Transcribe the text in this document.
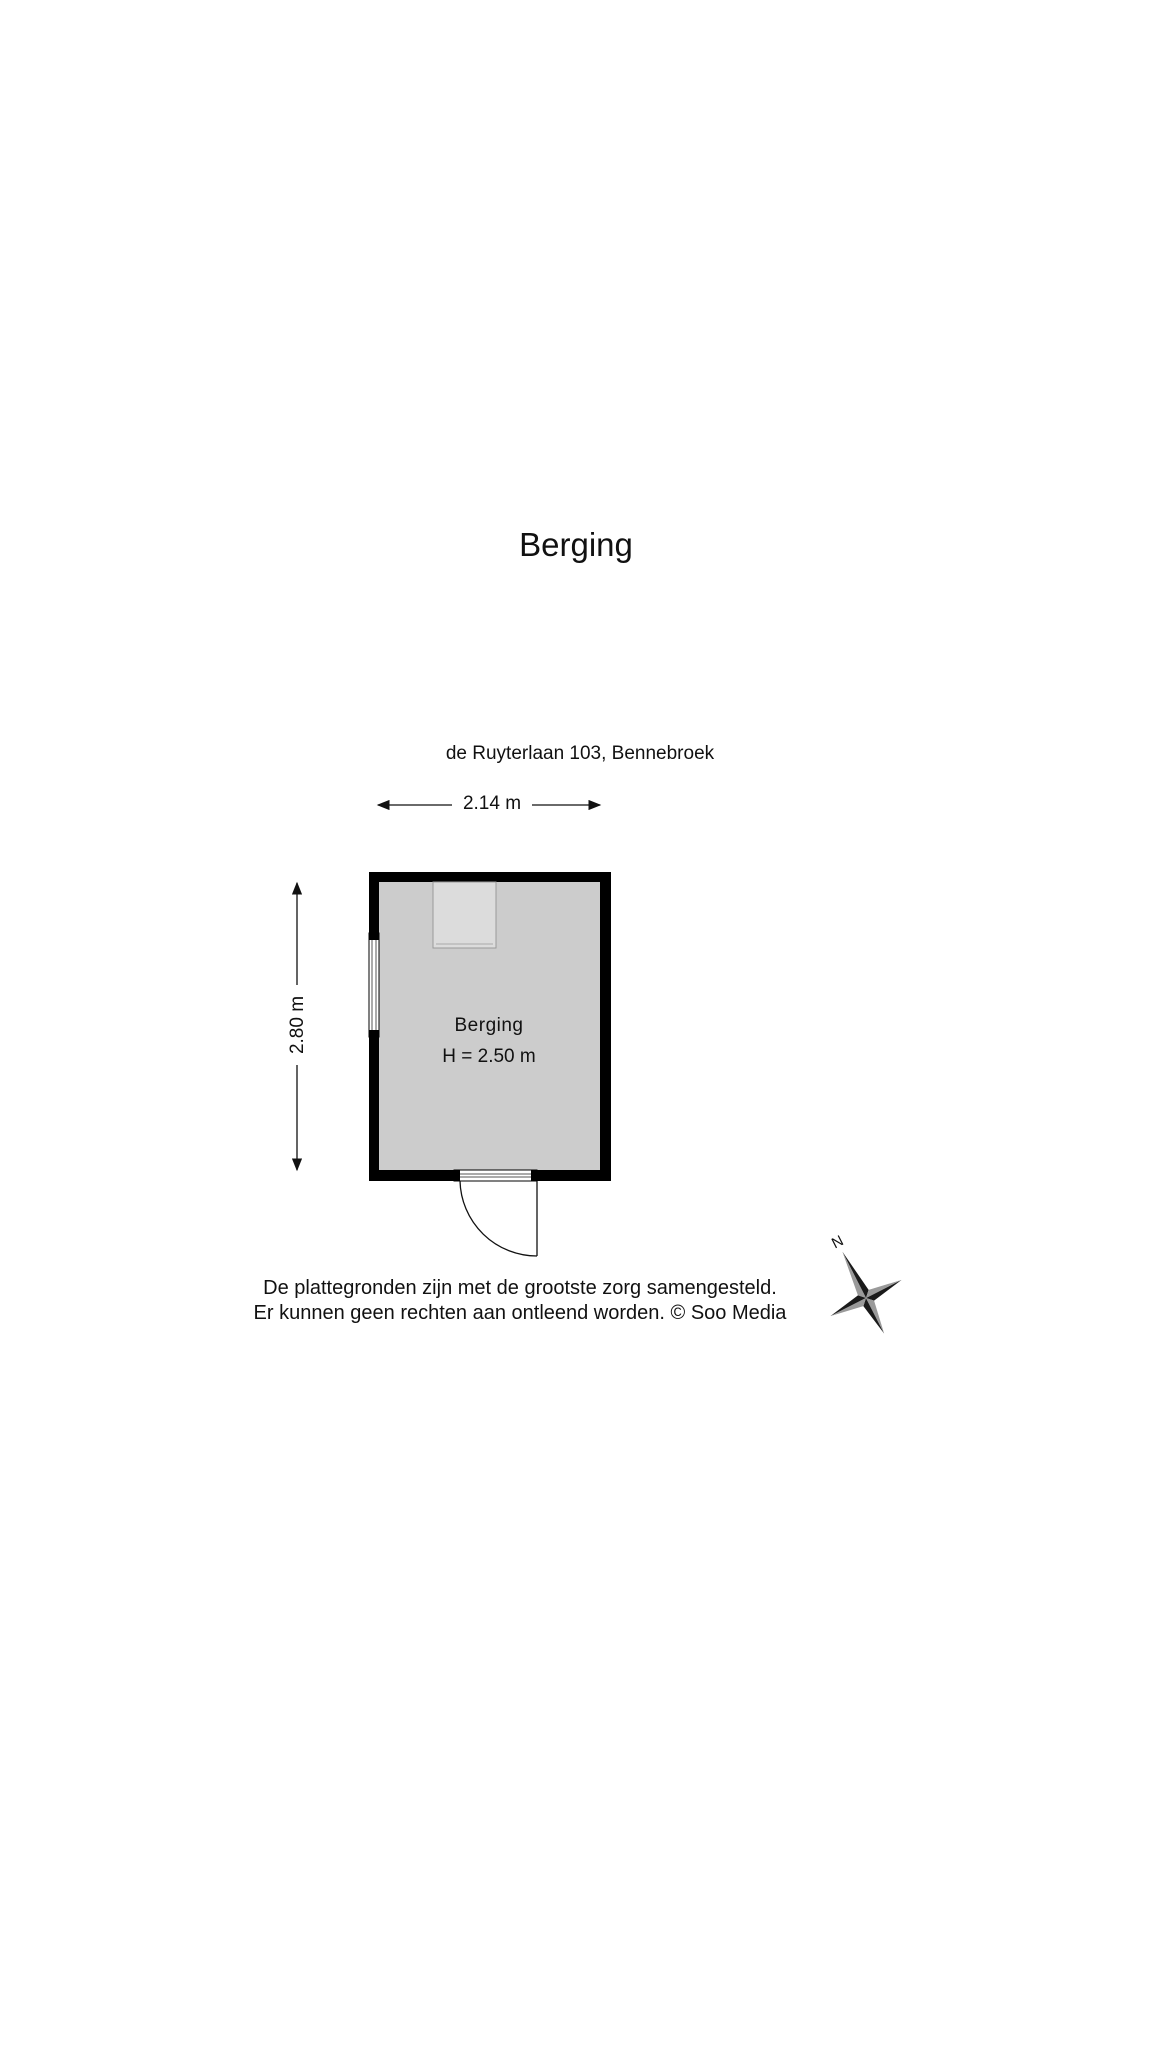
N
Berging
de Ruyterlaan 103, Bennebroek
2.14 m
2.80 m	Berging
H = 2.50 m
De plattegronden zijn met de grootste zorg samengesteld.
Er kunnen geen rechten aan ontleend worden. © Soo Media
